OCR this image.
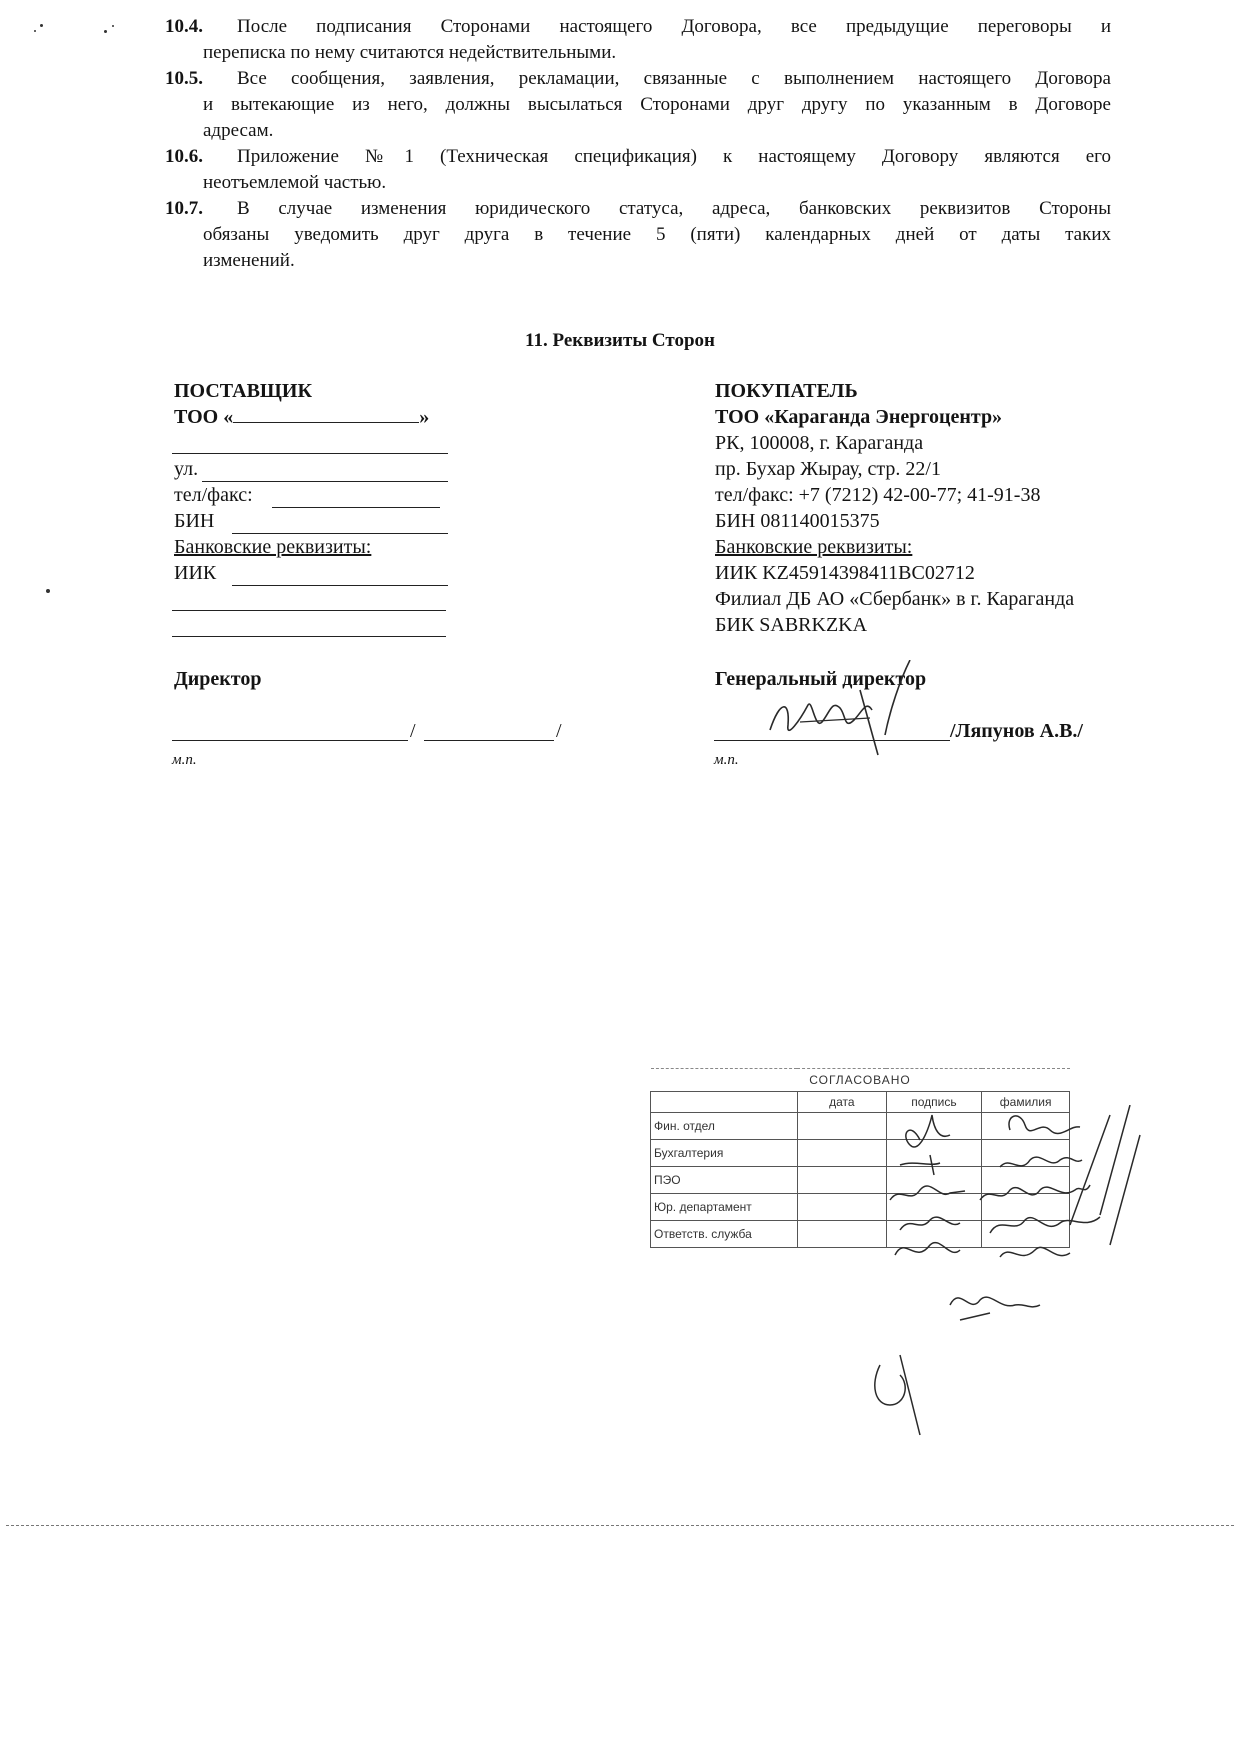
10.4. После подписания Сторонами настоящего Договора, все предыдущие переговоры и
переписка по нему считаются недействительными.
10.5. Все сообщения, заявления, рекламации, связанные с выполнением настоящего Договора
и вытекающие из него, должны высылаться Сторонами друг другу по указанным в Договоре
адресам.
10.6. Приложение №1 (Техническая спецификация) к настоящему Договору являются его
неотъемлемой частью.
10.7. В случае изменения юридического статуса, адреса, банковских реквизитов Стороны
обязаны уведомить друг друга в течение 5 (пяти) календарных дней от даты таких
изменений.
11. Реквизиты Сторон
ПОСТАВЩИК
ТОО «	»
ул.
тел/факс:
БИН
Банковские реквизиты:
ИИК
Директор
/	/
м.п.
ПОКУПАТЕЛЬ
ТОО «Караганда Энергоцентр»
РК, 100008, г. Караганда
пр. Бухар Жырау, стр. 22/1
тел/факс: +7 (7212) 42-00-77; 41-91-38
БИН 081140015375
Банковские реквизиты:
ИИК KZ45914398411BC02712
Филиал ДБ АО «Сбербанк» в г. Караганда
БИК SABRKZKA
Генеральный директор
/Ляпунов А.В./
м.п.
СОГЛАСОВАНО			
	дата	подпись	фамилия
Фин. отдел			
Бухгалтерия			
ПЭО			
Юр. департамент			
Ответств. служба			
